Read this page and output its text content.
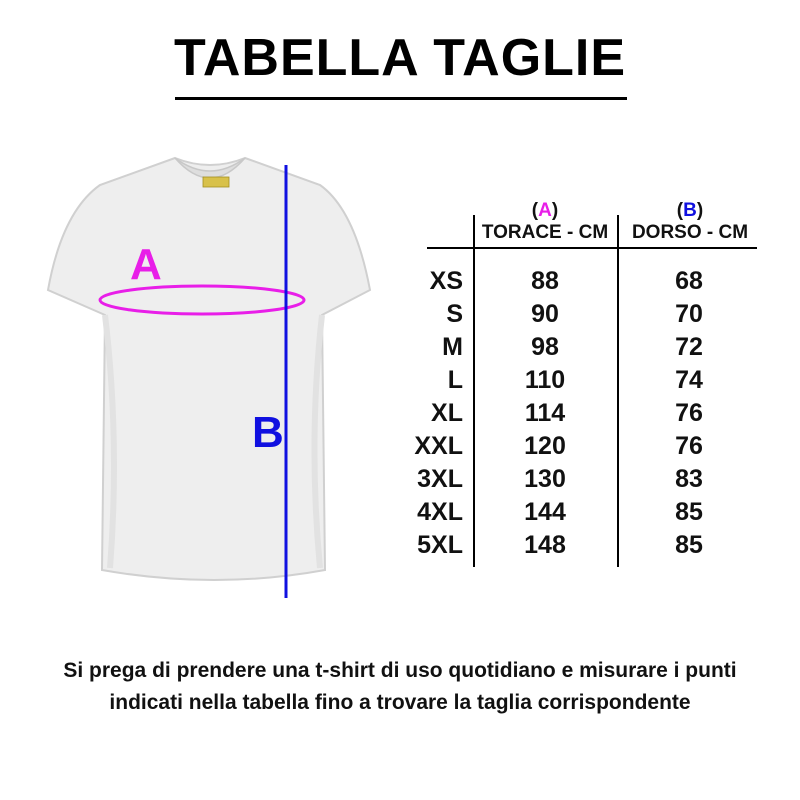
TABELLA TAGLIE
A
B
(A)
TORACE - CM
(B)
DORSO - CM
XS	88	68
S	90	70
M	98	72
L	110	74
XL	114	76
XXL	120	76
3XL	130	83
4XL	144	85
5XL	148	85
Si prega di prendere una t-shirt di uso quotidiano e misurare i punti
indicati nella tabella fino a trovare la taglia corrispondente
